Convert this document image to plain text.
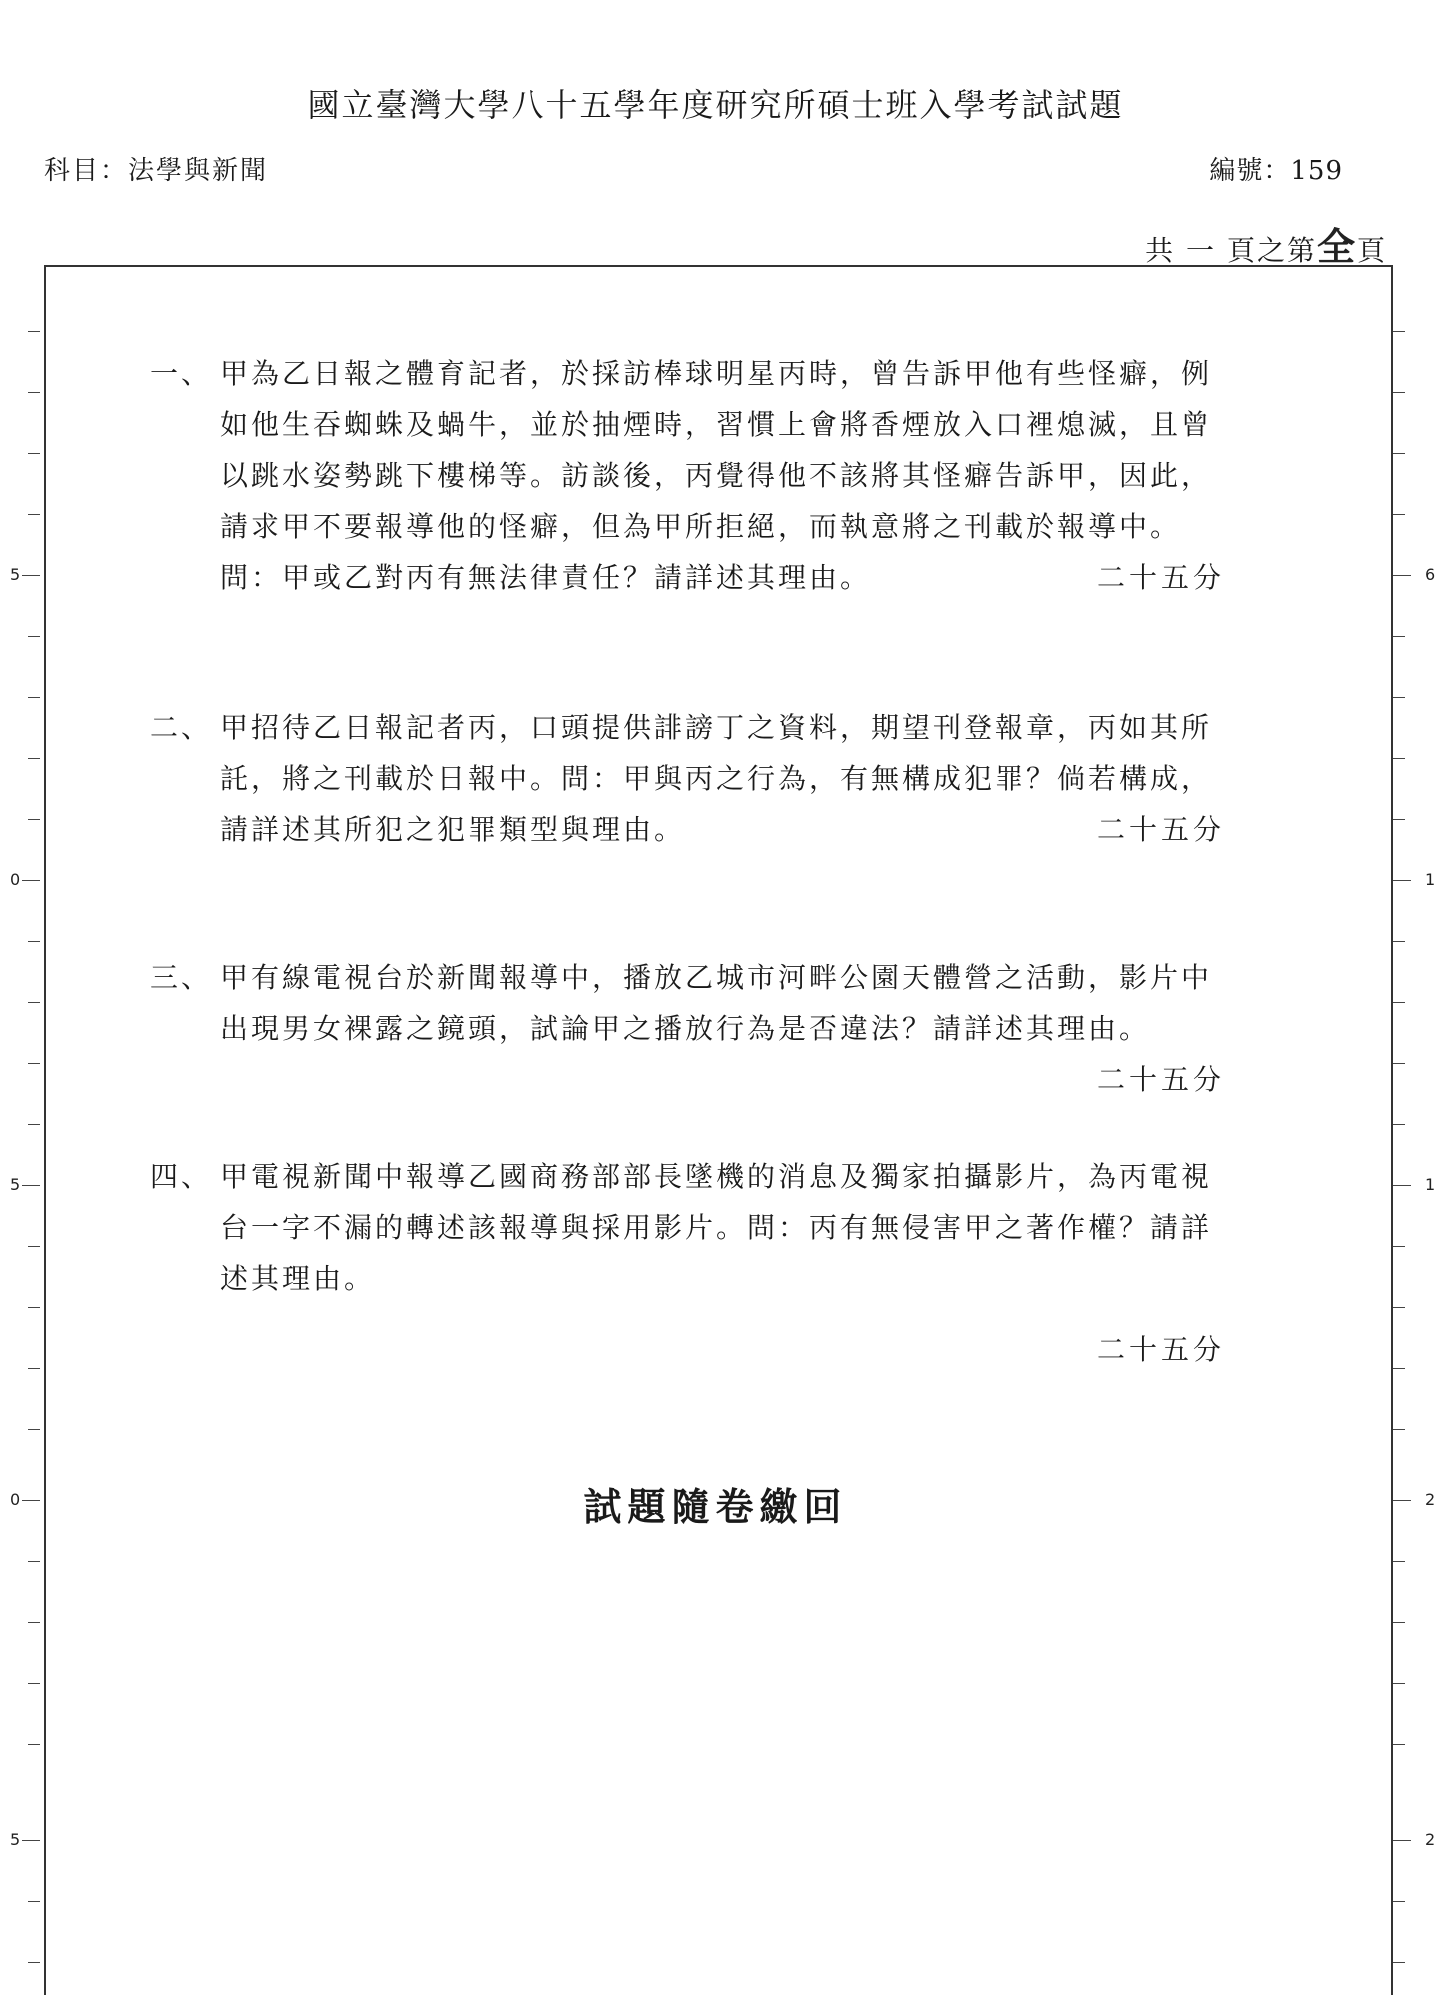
國立臺灣大學八十五學年度研究所碩士班入學考試試題
科目：法學與新聞	編號：159
共 一 頁之第全頁
5
0
5
0
5
6
1
1
2
2
一、 甲為乙日報之體育記者，於採訪棒球明星丙時，曾告訴甲他有些怪癖，例如他生吞蜘蛛及蝸牛，並於抽煙時，習慣上會將香煙放入口裡熄滅，且曾以跳水姿勢跳下樓梯等。訪談後，丙覺得他不該將其怪癖告訴甲，因此，請求甲不要報導他的怪癖，但為甲所拒絕，而執意將之刊載於報導中。問：甲或乙對丙有無法律責任？請詳述其理由。	二十五分
二、 甲招待乙日報記者丙，口頭提供誹謗丁之資料，期望刊登報章，丙如其所託，將之刊載於日報中。問：甲與丙之行為，有無構成犯罪？倘若構成，請詳述其所犯之犯罪類型與理由。	二十五分
三、 甲有線電視台於新聞報導中，播放乙城市河畔公園天體營之活動，影片中出現男女裸露之鏡頭，試論甲之播放行為是否違法？請詳述其理由。
二十五分
四、 甲電視新聞中報導乙國商務部部長墜機的消息及獨家拍攝影片，為丙電視台一字不漏的轉述該報導與採用影片。問：丙有無侵害甲之著作權？請詳述其理由。
二十五分
試題隨卷繳回
